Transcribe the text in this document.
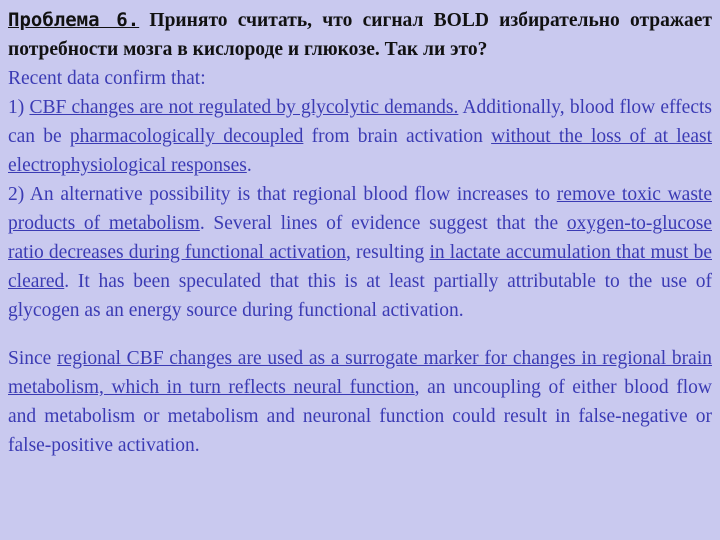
Проблема 6. Принято считать, что сигнал BOLD избирательно отражает потребности мозга в кислороде и глюкозе. Так ли это?

Recent data confirm that:

1) CBF changes are not regulated by glycolytic demands. Additionally, blood flow effects can be pharmacologically decoupled from brain activation without the loss of at least electrophysiological responses.

2) An alternative possibility is that regional blood flow increases to remove toxic waste products of metabolism. Several lines of evidence suggest that the oxygen-to-glucose ratio decreases during functional activation, resulting in lactate accumulation that must be cleared. It has been speculated that this is at least partially attributable to the use of glycogen as an energy source during functional activation.

Since regional CBF changes are used as a surrogate marker for changes in regional brain metabolism, which in turn reflects neural function, an uncoupling of either blood flow and metabolism or metabolism and neuronal function could result in false-negative or false-positive activation.
